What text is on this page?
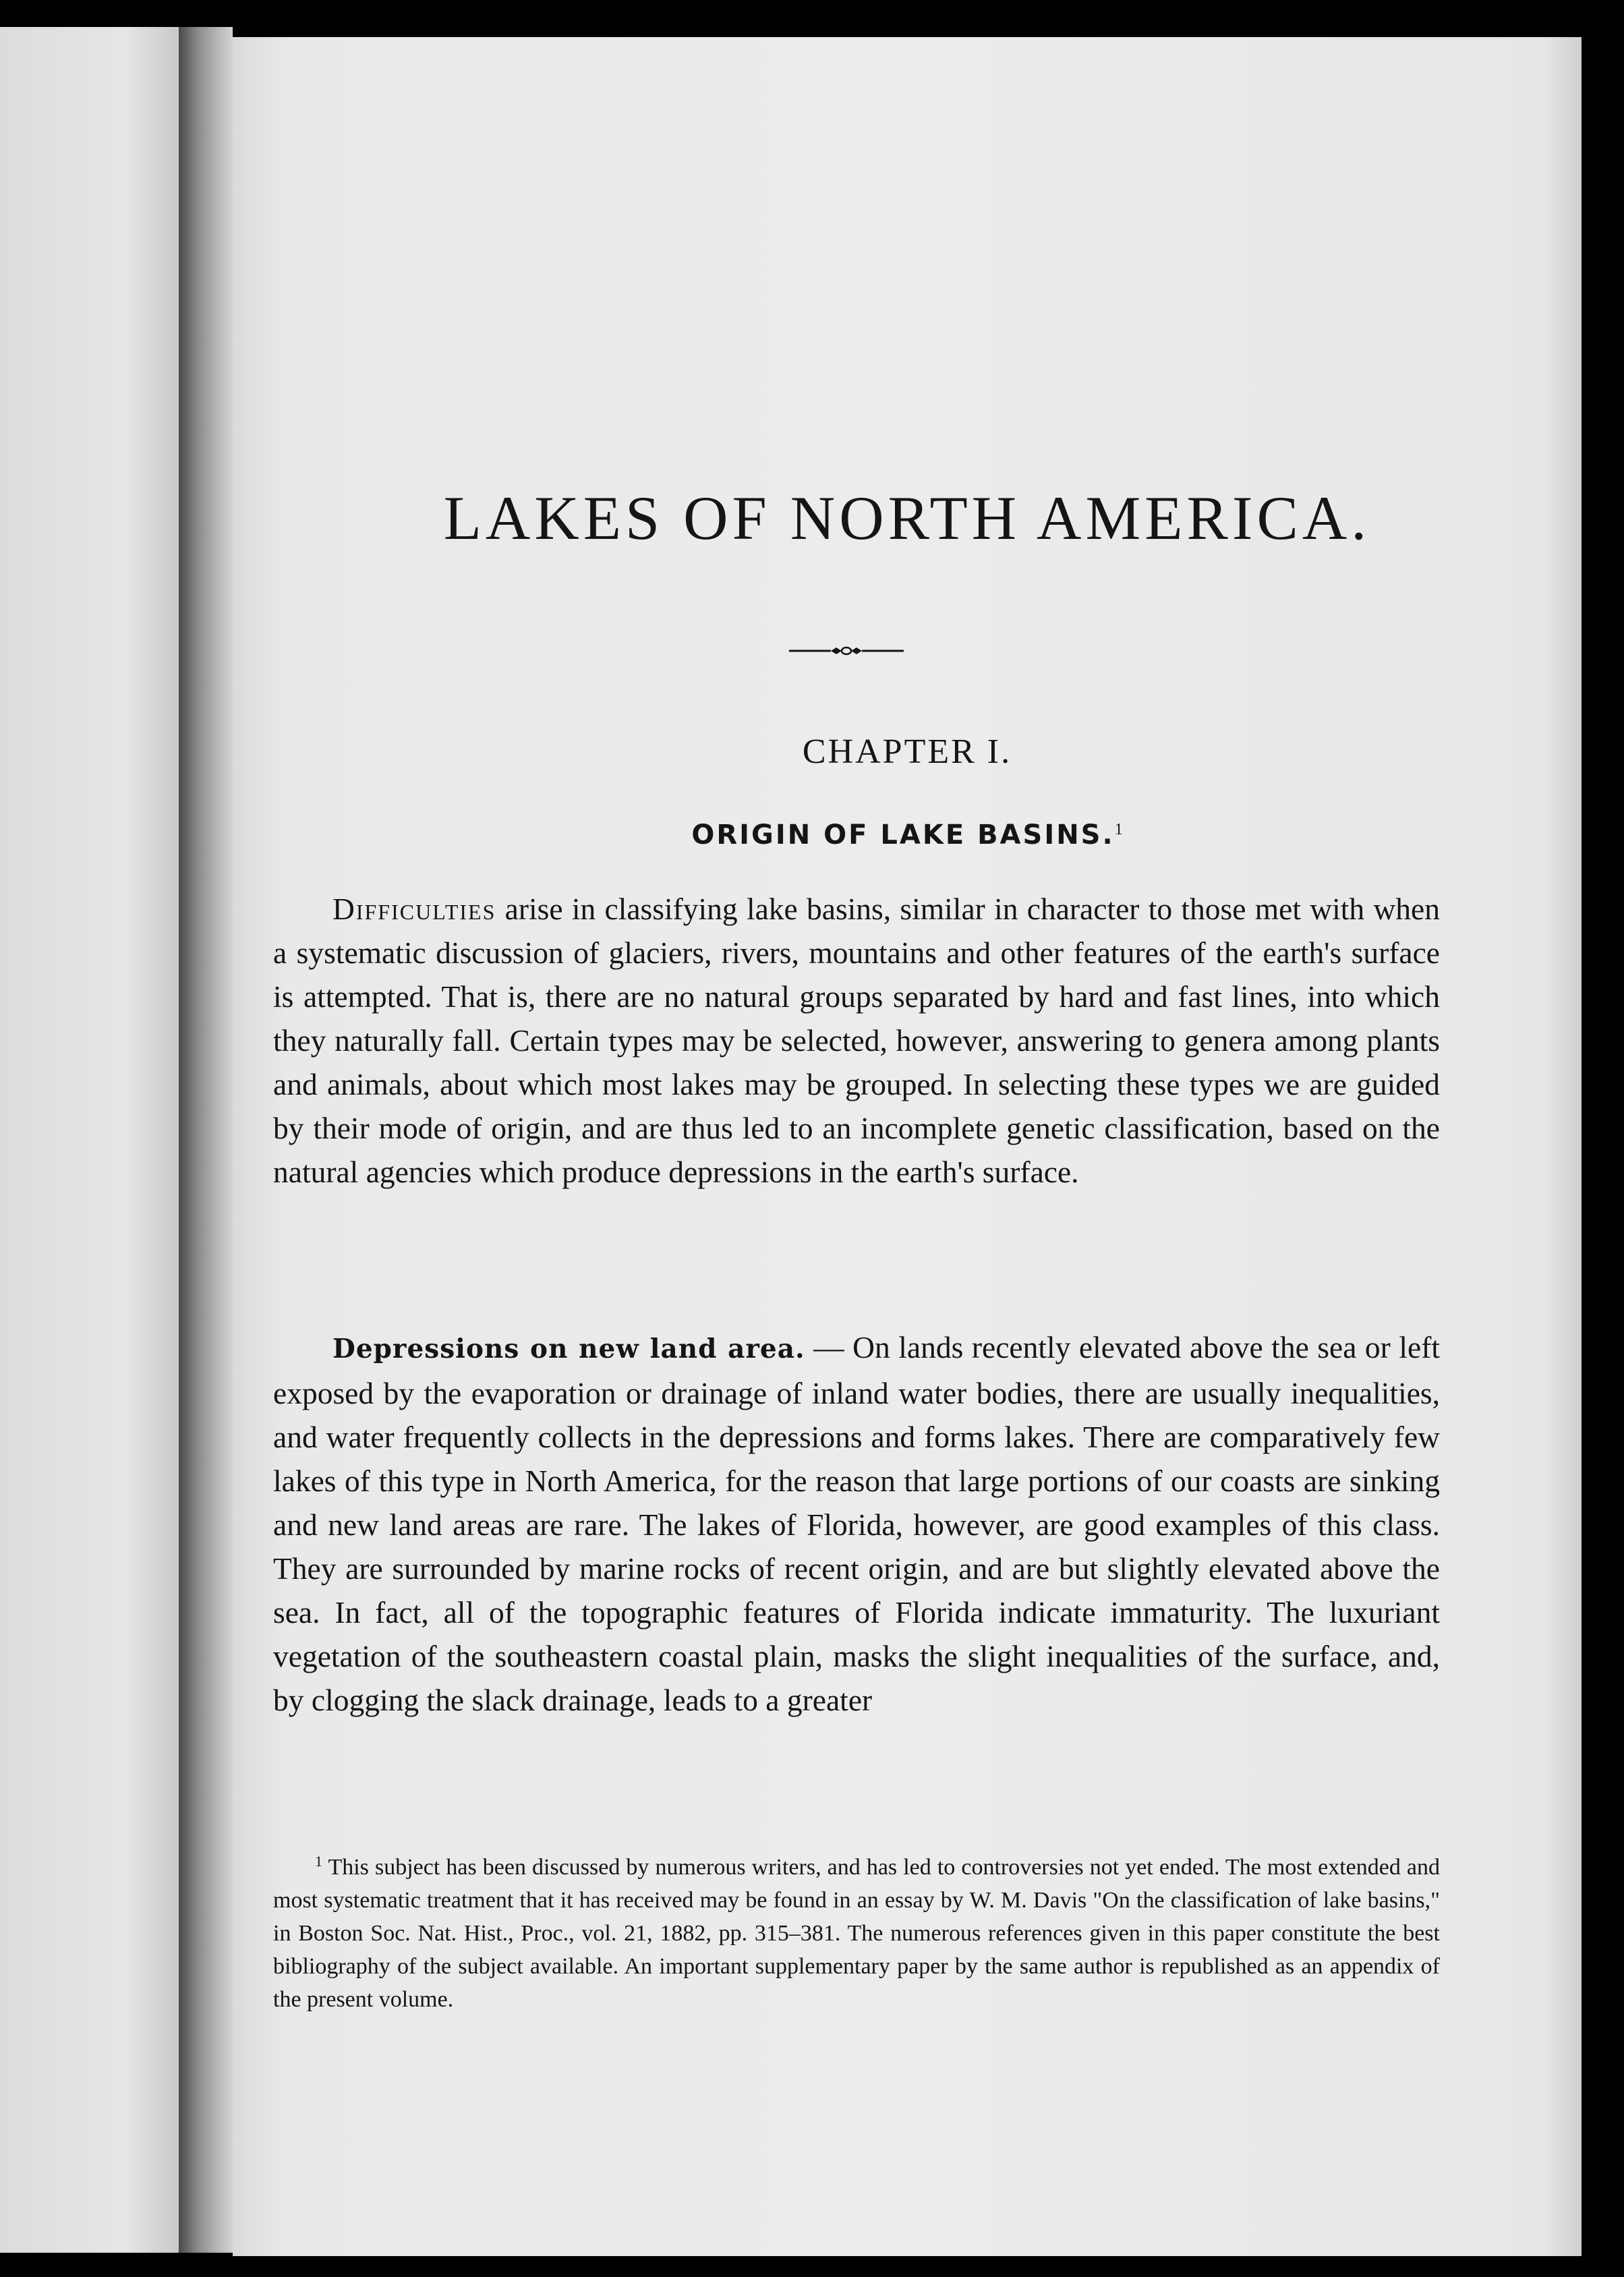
LAKES OF NORTH AMERICA.
CHAPTER I.
ORIGIN OF LAKE BASINS.$^1$

Difficulties arise in classifying lake basins, similar in character to those met with when a systematic discussion of glaciers, rivers, mountains and other features of the earth's surface is attempted. That is, there are no natural groups separated by hard and fast lines, into which they naturally fall. Certain types may be selected, however, answering to genera among plants and animals, about which most lakes may be grouped. In selecting these types we are guided by their mode of origin, and are thus led to an incomplete genetic classification, based on the natural agencies which produce depressions in the earth's surface.

Depressions on new land area. — On lands recently elevated above the sea or left exposed by the evaporation or drainage of inland water bodies, there are usually inequalities, and water frequently collects in the depressions and forms lakes. There are comparatively few lakes of this type in North America, for the reason that large portions of our coasts are sinking and new land areas are rare. The lakes of Florida, however, are good examples of this class. They are surrounded by marine rocks of recent origin, and are but slightly elevated above the sea. In fact, all of the topographic features of Florida indicate immaturity. The luxuriant vegetation of the southeastern coastal plain, masks the slight inequalities of the surface, and, by clogging the slack drainage, leads to a greater

$^1$ This subject has been discussed by numerous writers, and has led to controversies not yet ended. The most extended and most systematic treatment that it has received may be found in an essay by W. M. Davis "On the classification of lake basins," in Boston Soc. Nat. Hist., Proc., vol. 21, 1882, pp. 315–381. The numerous references given in this paper constitute the best bibliography of the subject available. An important supplementary paper by the same author is republished as an appendix of the present volume.
